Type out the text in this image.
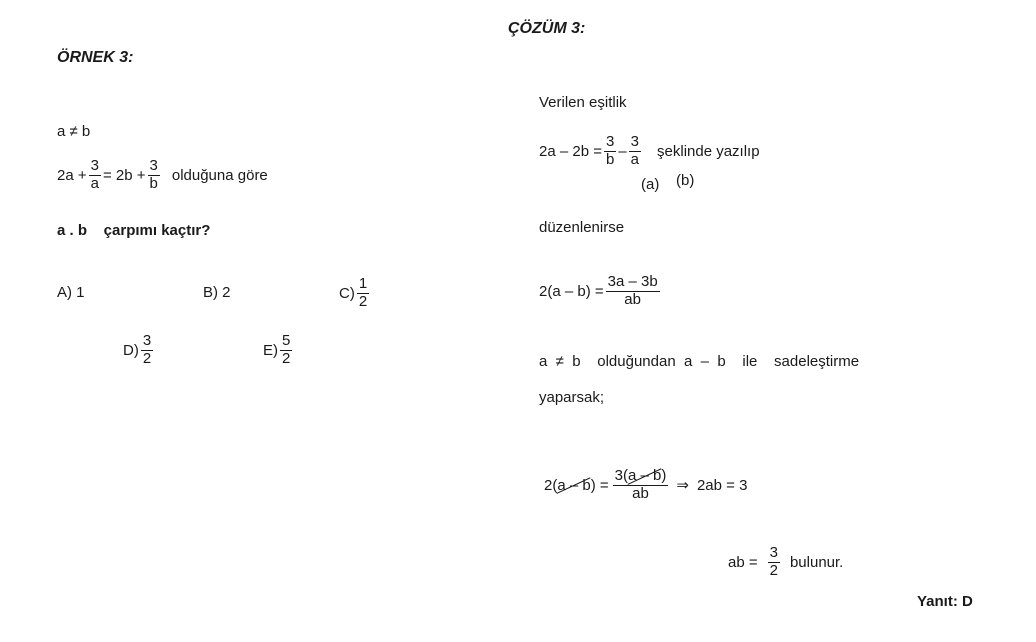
ÖRNEK 3:
a ≠ b
$2a + \frac{3}{a} = 2b + \frac{3}{b}$ olduğuna göre
a . b    çarpımı kaçtır?
A) 1	B) 2	$C) \frac{1}{2}$
$D) \frac{3}{2}$	$E) \frac{5}{2}$
ÇÖZÜM 3:
Verilen eşitlik
$2a - 2b = \frac{3}{b} - \frac{3}{a}$ şeklinde yazılıp
(a) (b)
düzenlenirse
$2(a - b) = \frac{3a - 3b}{ab}$
a  ≠  b    olduğundan  a  –  b    ile    sadeleştirme
yaparsak;
2( a – b ) = 3(a – b
)
ab ⇒ 2ab = 3
ab = $\frac{3}{2}$ bulunur.
Yanıt: D
